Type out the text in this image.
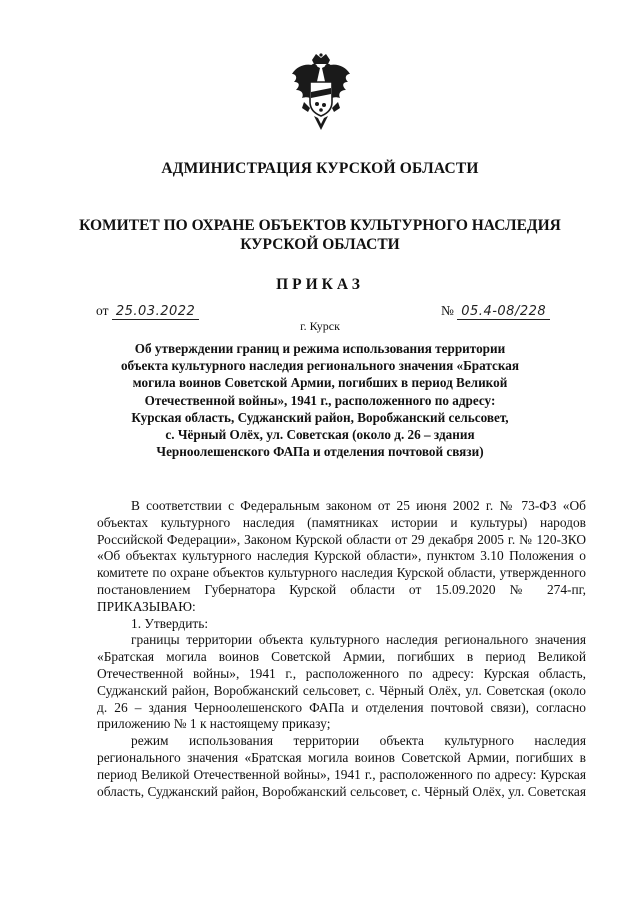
АДМИНИСТРАЦИЯ КУРСКОЙ ОБЛАСТИ
КОМИТЕТ ПО ОХРАНЕ ОБЪЕКТОВ КУЛЬТУРНОГО НАСЛЕДИЯ
КУРСКОЙ ОБЛАСТИ
ПРИКАЗ
от 25.03.2022	№ 05.4-08/228
г. Курск
Об утверждении границ и режима использования территории
объекта культурного наследия регионального значения «Братская
могила воинов Советской Армии, погибших в период Великой
Отечественной войны», 1941 г., расположенного по адресу:
Курская область, Суджанский район, Воробжанский сельсовет,
с. Чёрный Олёх, ул. Советская (около д. 26 – здания
Черноолешенского ФАПа и отделения почтовой связи)

В соответствии с Федеральным законом от 25 июня 2002 г. № 73-ФЗ «Об объектах культурного наследия (памятниках истории и культуры) народов Российской Федерации», Законом Курской области от 29 декабря 2005 г. № 120-ЗКО «Об объектах культурного наследия Курской области», пунктом 3.10 Положения о комитете по охране объектов культурного наследия Курской области, утвержденного постановлением Губернатора Курской области от 15.09.2020 № 274-пг, ПРИКАЗЫВАЮ:

1. Утвердить:

границы территории объекта культурного наследия регионального значения «Братская могила воинов Советской Армии, погибших в период Великой Отечественной войны», 1941 г., расположенного по адресу: Курская область, Суджанский район, Воробжанский сельсовет, с. Чёрный Олёх, ул. Советская (около д. 26 – здания Черноолешенского ФАПа и отделения почтовой связи), согласно приложению № 1 к настоящему приказу;

режим использования территории объекта культурного наследия регионального значения «Братская могила воинов Советской Армии, погибших в период Великой Отечественной войны», 1941 г., расположенного по адресу: Курская область, Суджанский район, Воробжанский сельсовет, с. Чёрный Олёх, ул. Советская
